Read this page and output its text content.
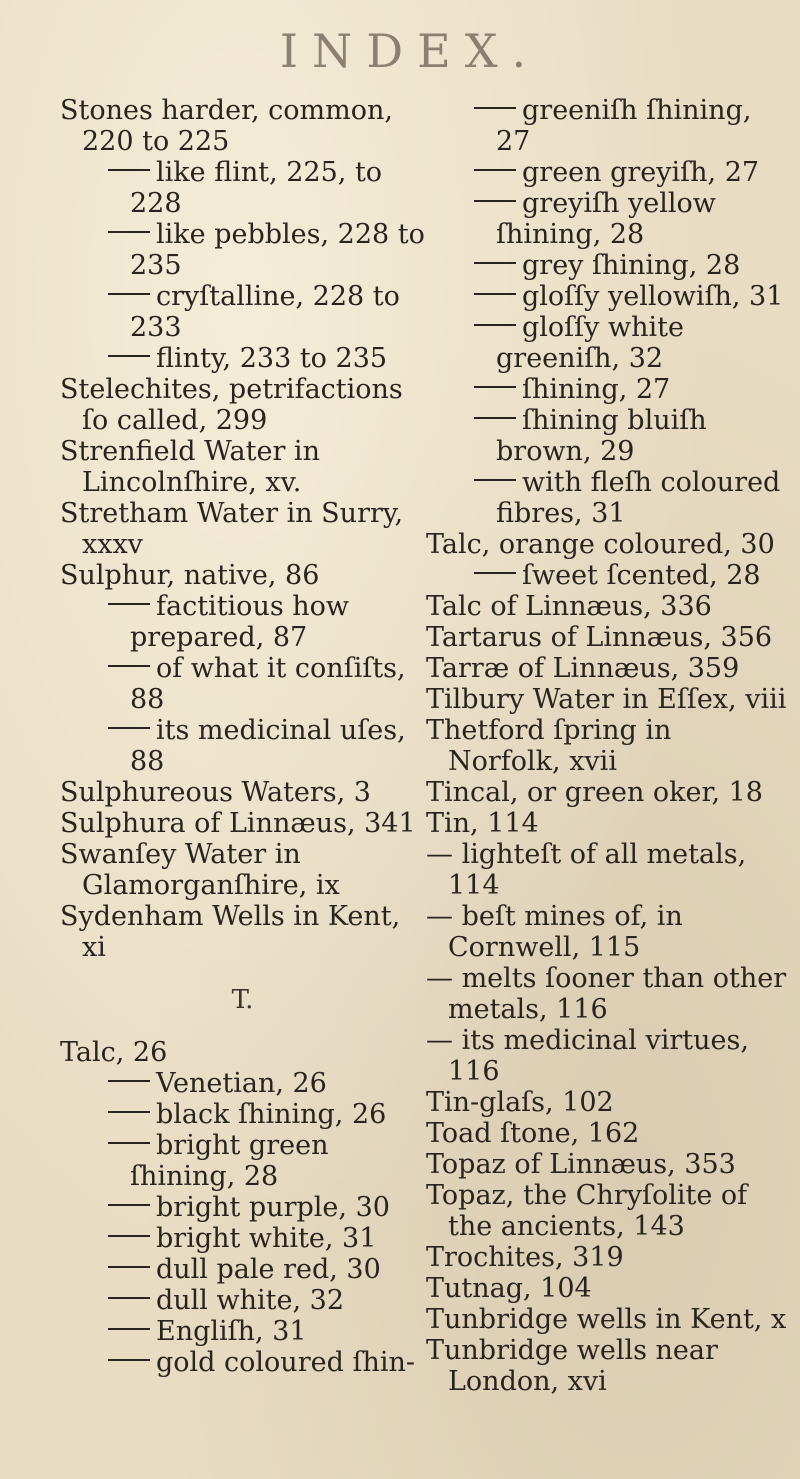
INDEX.
Stones harder, common, 220 to 225
like flint, 225, to 228
like pebbles, 228 to 235
cryſtalline, 228 to 233
flinty, 233 to 235
Stelechites, petrifactions ſo called, 299
Strenfield Water in Lincolnſhire, xv.
Stretham Water in Surry, xxxv
Sulphur, native, 86
factitious how prepared, 87
of what it conſiſts, 88
its medicinal uſes, 88
Sulphureous Waters, 3
Sulphura of Linnæus, 341
Swanſey Water in Glamorganſhire, ix
Sydenham Wells in Kent, xi
T.
Talc, 26
Venetian, 26
black ſhining, 26
bright green ſhining, 28
bright purple, 30
bright white, 31
dull pale red, 30
dull white, 32
Engliſh, 31
gold coloured ſhin-
greeniſh ſhining, 27
green greyiſh, 27
greyiſh yellow ſhining, 28
grey ſhining, 28
gloſſy yellowiſh, 31
gloſſy white greeniſh, 32
ſhining, 27
ſhining bluiſh brown, 29
with fleſh coloured fibres, 31
Talc, orange coloured, 30
ſweet ſcented, 28
Talc of Linnæus, 336
Tartarus of Linnæus, 356
Tarræ of Linnæus, 359
Tilbury Water in Eſſex, viii
Thetford ſpring in Norfolk, xvii
Tincal, or green oker, 18
Tin, 114
— lighteſt of all metals, 114
— beſt mines of, in Cornwell, 115
— melts ſooner than other metals, 116
— its medicinal virtues, 116
Tin-glaſs, 102
Toad ſtone, 162
Topaz of Linnæus, 353
Topaz, the Chryſolite of the ancients, 143
Trochites, 319
Tutnag, 104
Tunbridge wells in Kent, x
Tunbridge wells near London, xvi
